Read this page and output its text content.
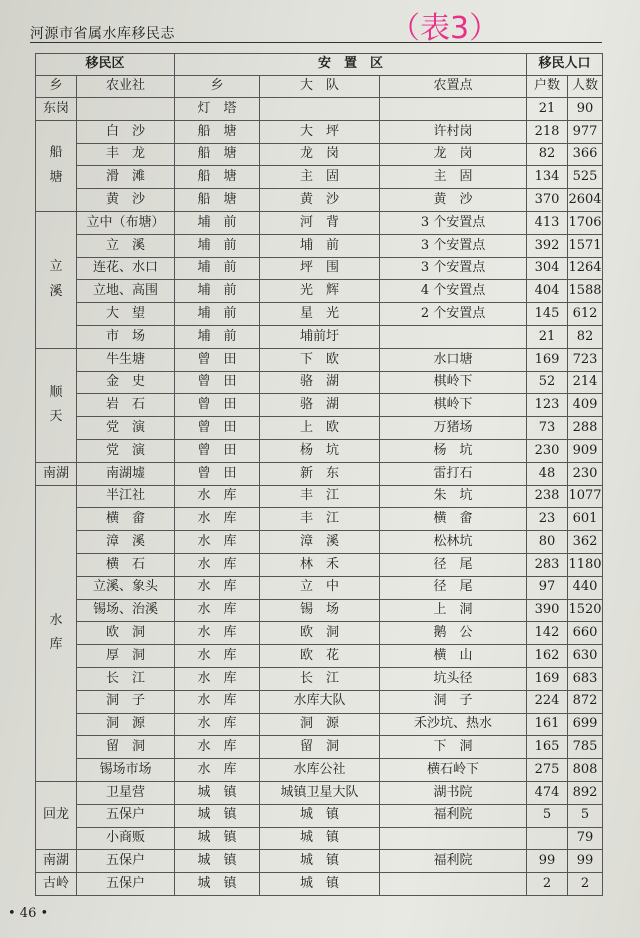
河源市省属水库移民志	（表3）
移民区		安　置　区			移民人口	
乡	农业社	乡	大　队	农置点	户数	人数
东岗		灯　塔			21	90

船
塘	白　沙	船　塘	大　坪	许村岗	218	977
	丰　龙	船　塘	龙　岗	龙　岗	82	366
	滑　滩	船　塘	主　固	主　固	134	525
	黄　沙	船　塘	黄　沙	黄　沙	370	2604

立
溪	立中（布塘）	埔　前	河　背	3 个安置点	413	1706
	立　溪	埔　前	埔　前	3 个安置点	392	1571
	连花、水口	埔　前	坪　围	3 个安置点	304	1264
	立地、高围	埔　前	光　辉	4 个安置点	404	1588
	大　望	埔　前	星　光	2 个安置点	145	612
	市　场	埔　前	埔前圩		21	82

顺
天	牛生塘	曾　田	下　欧	水口塘	169	723
	金　史	曾　田	骆　湖	棋岭下	52	214
	岩　石	曾　田	骆　湖	棋岭下	123	409
	党　演	曾　田	上　欧	万猪场	73	288
	党　演	曾　田	杨　坑	杨　坑	230	909
南湖	南湖墟	曾　田	新　东	雷打石	48	230

水
库	半江社	水　库	丰　江	朱　坑	238	1077
	横　畲	水　库	丰　江	横　畲	23	601
	漳　溪	水　库	漳　溪	松林坑	80	362
	横　石	水　库	林　禾	径　尾	283	1180
	立溪、象头	水　库	立　中	径　尾	97	440
	锡场、治溪	水　库	锡　场	上　洞	390	1520
	欧　洞	水　库	欧　洞	鹅　公	142	660
	厚　洞	水　库	欧　花	横　山	162	630
	长　江	水　库	长　江	坑头径	169	683
	洞　子	水　库	水库大队	洞　子	224	872
	洞　源	水　库	洞　源	禾沙坑、热水	161	699
	留　洞	水　库	留　洞	下　洞	165	785
	锡场市场	水　库	水库公社	横石岭下	275	808
回龙	卫星营	城　镇	城镇卫星大队	湖书院	474	892
	五保户	城　镇	城　镇	福利院	5	5
	小商贩	城　镇	城　镇			79
南湖	五保户	城　镇	城　镇	福利院	99	99
古岭	五保户	城　镇	城　镇		2	2
• 46 •
